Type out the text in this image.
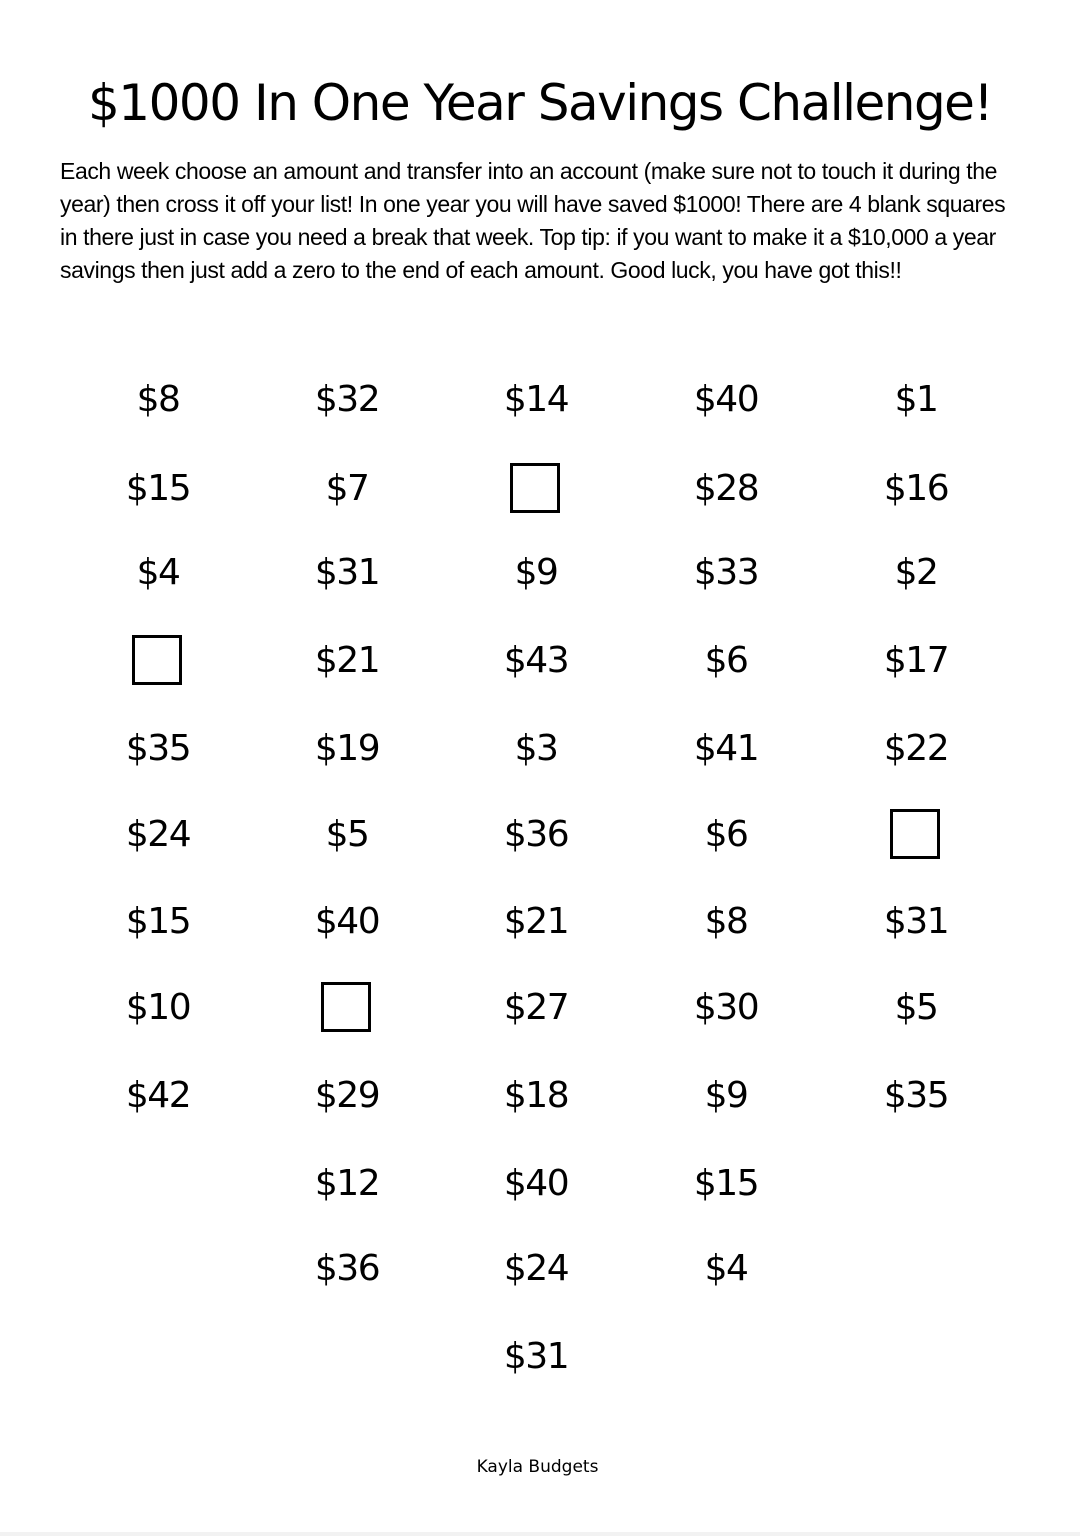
$1000 In One Year Savings Challenge!

Each week choose an amount and transfer into an account (make sure not to touch it during the year) then cross it off your list! In one year you will have saved $1000! There are 4 blank squares in there just in case you need a break that week. Top tip: if you want to make it a $10,000 a year savings then just add a zero to the end of each amount. Good luck, you have got this!!

$8
$15
$4
$35
$24
$15
$10
$42
$32
$7
$31
$21
$19
$5
$40
$29
$12
$36
$14
$9
$43
$3
$36
$21
$27
$18
$40
$24
$31
$40
$28
$33
$6
$41
$6
$8
$30
$9
$15
$4
$1
$16
$2
$17
$22
$31
$5
$35

Kayla Budgets
